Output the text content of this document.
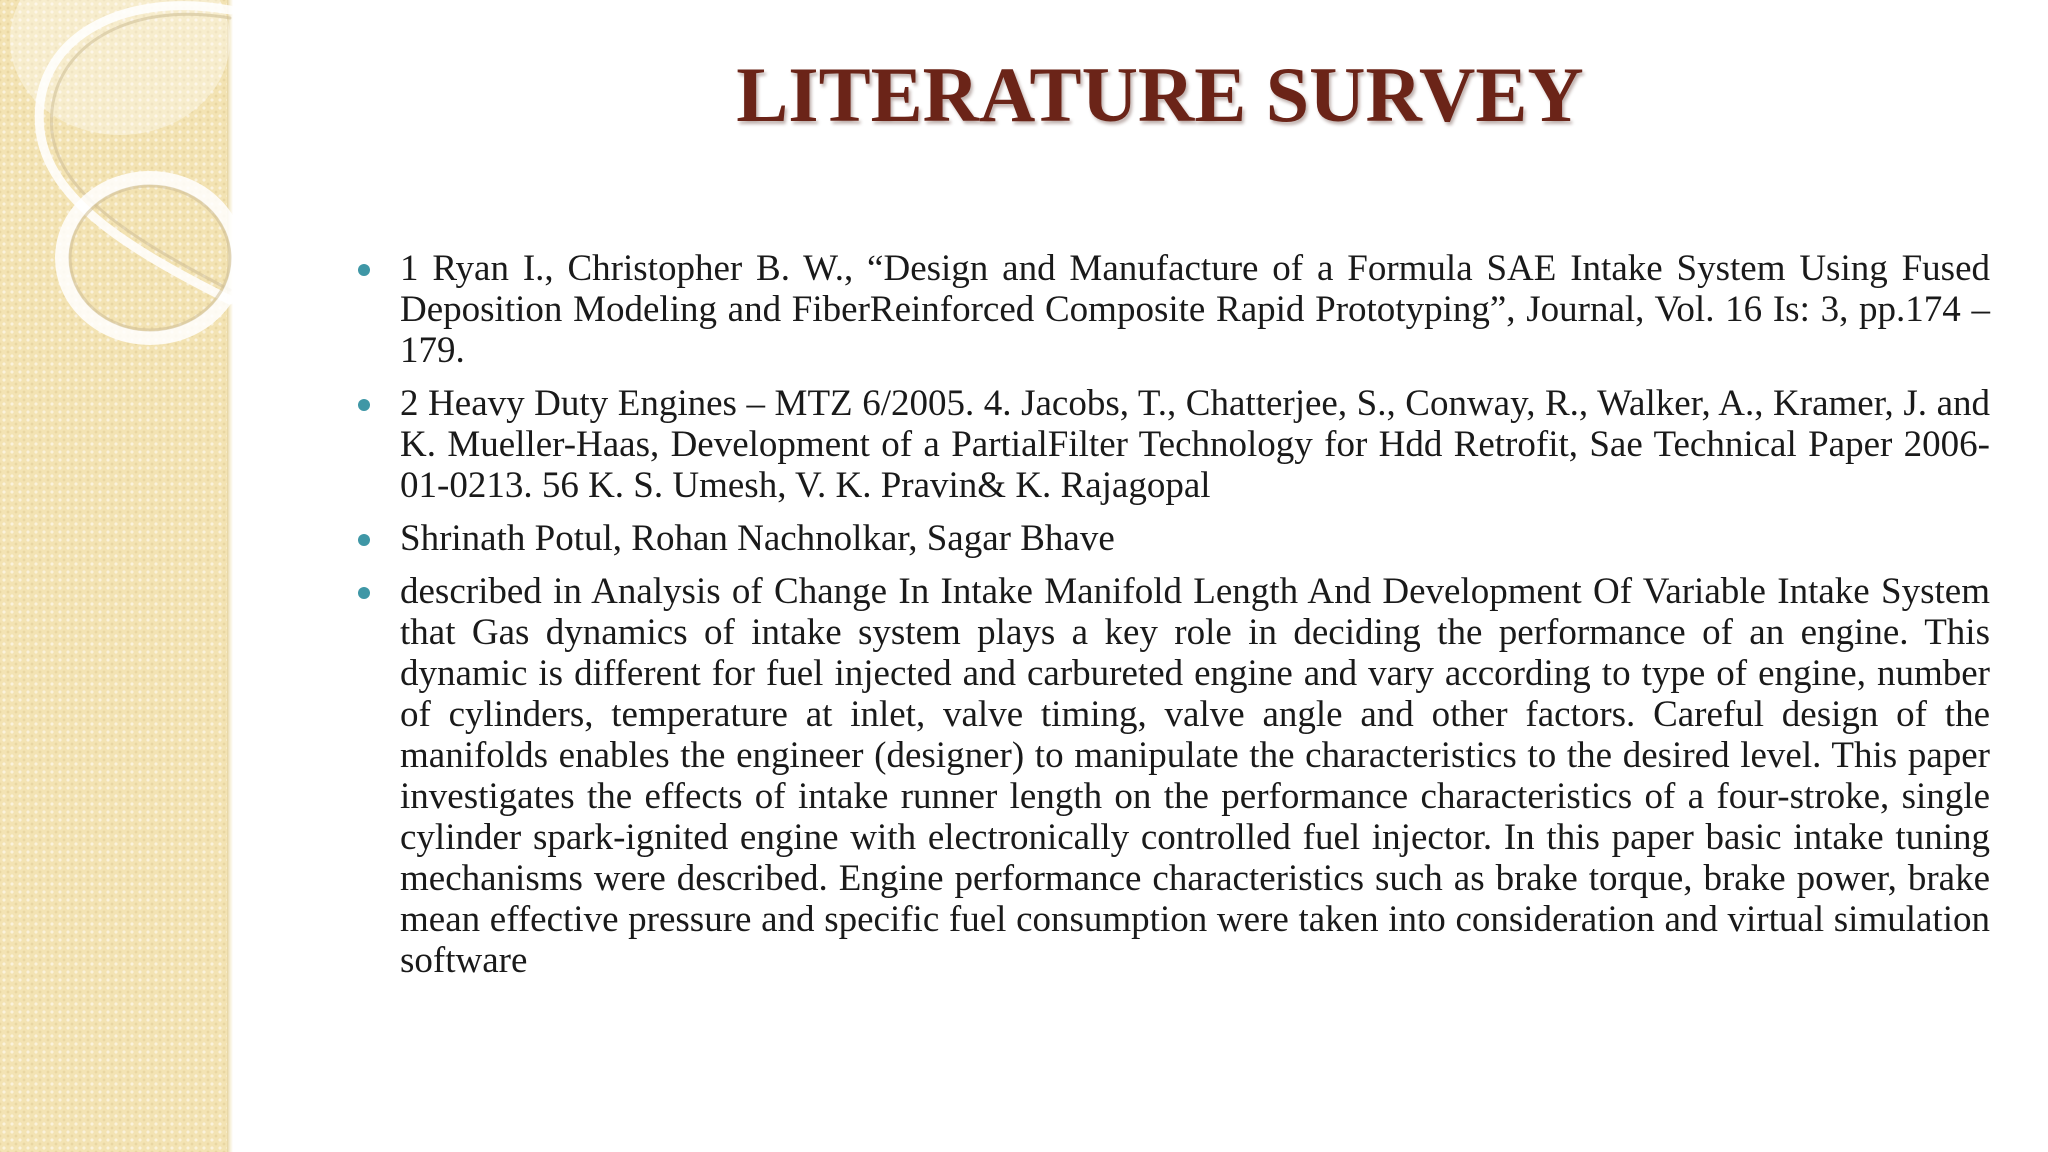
LITERATURE SURVEY
1 Ryan I., Christopher B. W., “Design and Manufacture of a Formula SAE Intake System Using Fused Deposition Modeling and FiberReinforced Composite Rapid Prototyping”, Journal, Vol. 16 Is: 3, pp.174 – 179.
2 Heavy Duty Engines – MTZ 6/2005. 4. Jacobs, T., Chatterjee, S., Conway, R., Walker, A., Kramer, J. and K. Mueller-Haas, Development of a PartialFilter Technology for Hdd Retrofit, Sae Technical Paper 2006-01-0213. 56 K. S. Umesh, V. K. Pravin& K. Rajagopal
Shrinath Potul, Rohan Nachnolkar, Sagar Bhave
described in Analysis of Change In Intake Manifold Length And Development Of Variable Intake System that Gas dynamics of intake system plays a key role in deciding the performance of an engine. This dynamic is different for fuel injected and carbureted engine and vary according to type of engine, number of cylinders, temperature at inlet, valve timing, valve angle and other factors. Careful design of the manifolds enables the engineer (designer) to manipulate the characteristics to the desired level. This paper investigates the effects of intake runner length on the performance characteristics of a four-stroke, single cylinder spark-ignited engine with electronically controlled fuel injector. In this paper basic intake tuning mechanisms were described. Engine performance characteristics such as brake torque, brake power, brake mean effective pressure and specific fuel consumption were taken into consideration and virtual simulation software
